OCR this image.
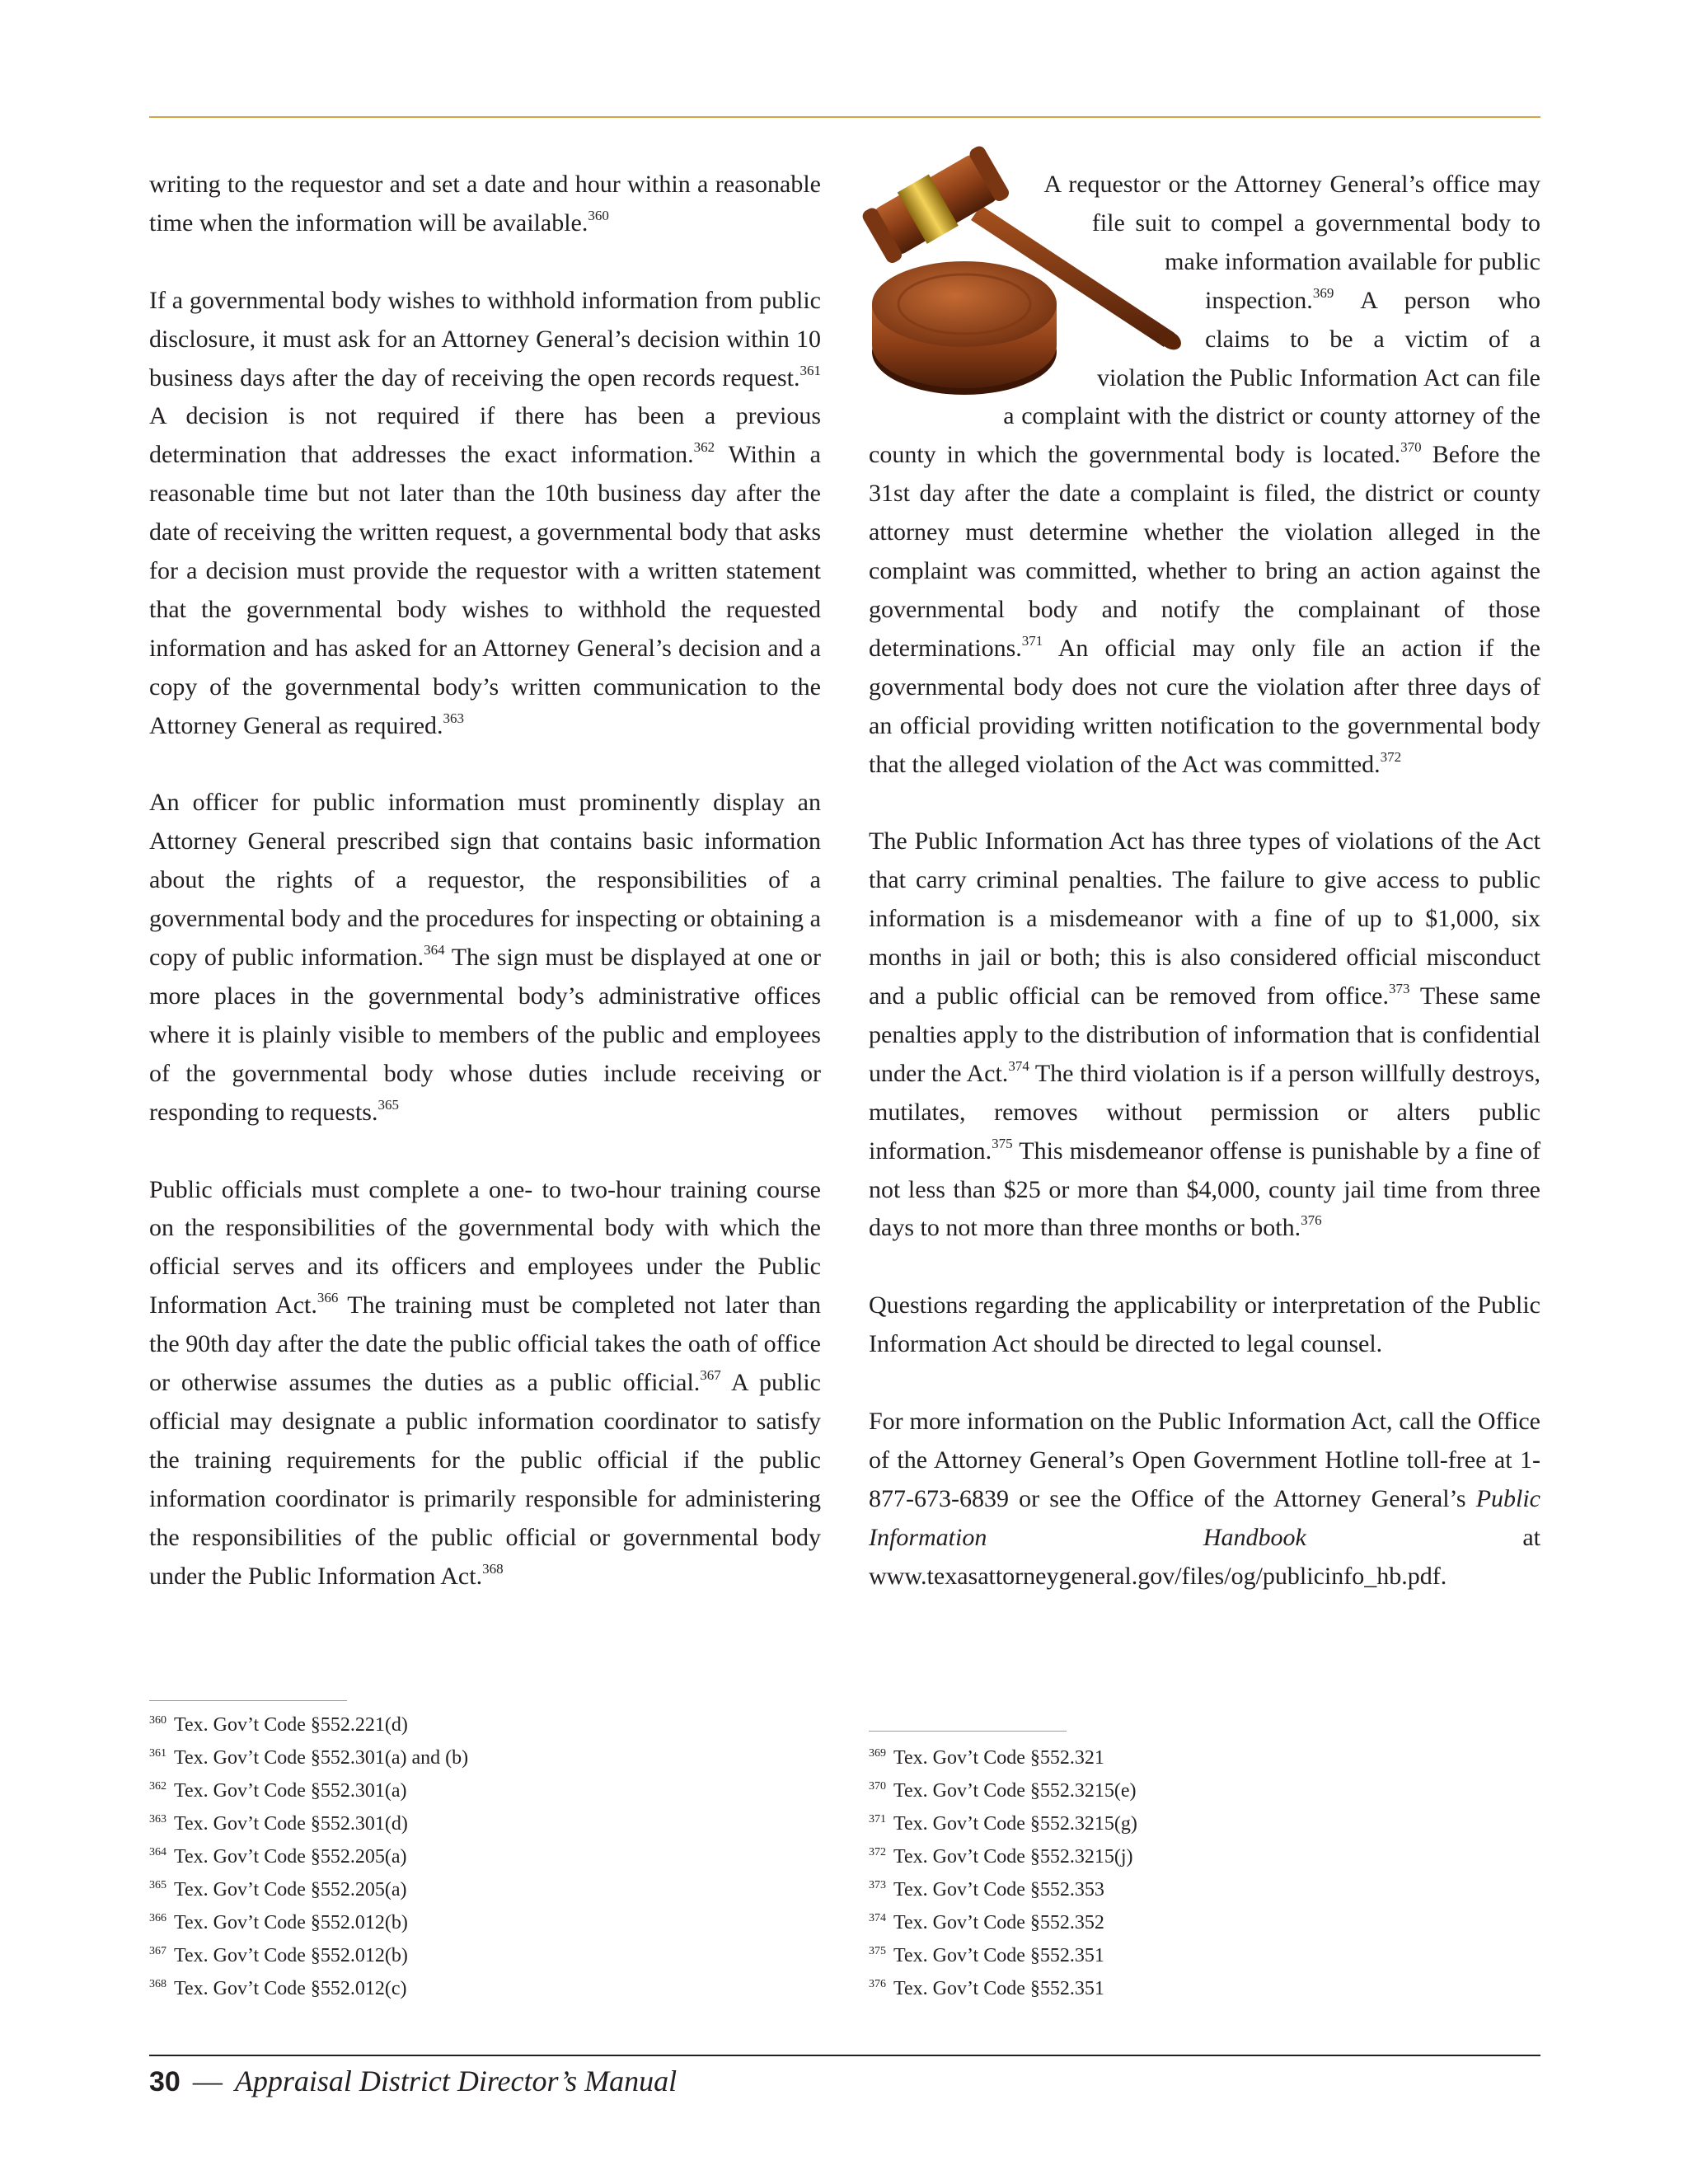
writing to the requestor and set a date and hour within a reasonable time when the information will be available.$^{360}$

If a governmental body wishes to withhold information from public disclosure, it must ask for an Attorney General’s decision within 10 business days after the day of receiving the open records request.$^{361}$ A decision is not required if there has been a previous determination that addresses the exact information.$^{362}$ Within a reasonable time but not later than the 10th business day after the date of receiving the written request, a governmental body that asks for a decision must provide the requestor with a written statement that the governmental body wishes to withhold the requested information and has asked for an Attorney General’s decision and a copy of the governmental body’s written communication to the Attorney General as required.$^{363}$

An officer for public information must prominently display an Attorney General prescribed sign that contains basic information about the rights of a requestor, the responsibilities of a governmental body and the procedures for inspecting or obtaining a copy of public information.$^{364}$ The sign must be displayed at one or more places in the governmental body’s administrative offices where it is plainly visible to members of the public and employees of the governmental body whose duties include receiving or responding to requests.$^{365}$

Public officials must complete a one- to two-hour training course on the responsibilities of the governmental body with which the official serves and its officers and employees under the Public Information Act.$^{366}$ The training must be completed not later than the 90th day after the date the public official takes the oath of office or otherwise assumes the duties as a public official.$^{367}$ A public official may designate a public information coordinator to satisfy the training requirements for the public official if the public information coordinator is primarily responsible for administering the responsibilities of the public official or governmental body under the Public Information Act.$^{368}$

A requestor or the Attorney General’s office may file suit to compel a governmental body to make information available for public inspection.$^{369}$ A person who claims to be a victim of a violation the Public Information Act can file a complaint with the district or county attorney of the county in which the governmental body is located.$^{370}$ Before the 31st day after the date a complaint is filed, the district or county attorney must determine whether the violation alleged in the complaint was committed, whether to bring an action against the governmental body and notify the complainant of those determinations.$^{371}$ An official may only file an action if the governmental body does not cure the violation after three days of an official providing written notification to the governmental body that the alleged violation of the Act was committed.$^{372}$

The Public Information Act has three types of violations of the Act that carry criminal penalties. The failure to give access to public information is a misdemeanor with a fine of up to $1,000, six months in jail or both; this is also considered official misconduct and a public official can be removed from office.$^{373}$ These same penalties apply to the distribution of information that is confidential under the Act.$^{374}$ The third violation is if a person willfully destroys, mutilates, removes without permission or alters public information.$^{375}$ This misdemeanor offense is punishable by a fine of not less than $25 or more than $4,000, county jail time from three days to not more than three months or both.$^{376}$

Questions regarding the applicability or interpretation of the Public Information Act should be directed to legal counsel.

For more information on the Public Information Act, call the Office of the Attorney General’s Open Government Hotline toll-free at 1-877-673-6839 or see the Office of the Attorney General’s Public Information Handbook at www.texasattorneygeneral.gov/files/og/publicinfo_hb.pdf.

$^{360}$ Tex. Gov’t Code §552.221(d)
$^{361}$ Tex. Gov’t Code §552.301(a) and (b)
$^{362}$ Tex. Gov’t Code §552.301(a)
$^{363}$ Tex. Gov’t Code §552.301(d)
$^{364}$ Tex. Gov’t Code §552.205(a)
$^{365}$ Tex. Gov’t Code §552.205(a)
$^{366}$ Tex. Gov’t Code §552.012(b)
$^{367}$ Tex. Gov’t Code §552.012(b)
$^{368}$ Tex. Gov’t Code §552.012(c)
$^{369}$ Tex. Gov’t Code §552.321
$^{370}$ Tex. Gov’t Code §552.3215(e)
$^{371}$ Tex. Gov’t Code §552.3215(g)
$^{372}$ Tex. Gov’t Code §552.3215(j)
$^{373}$ Tex. Gov’t Code §552.353
$^{374}$ Tex. Gov’t Code §552.352
$^{375}$ Tex. Gov’t Code §552.351
$^{376}$ Tex. Gov’t Code §552.351
30 — Appraisal District Director’s Manual
